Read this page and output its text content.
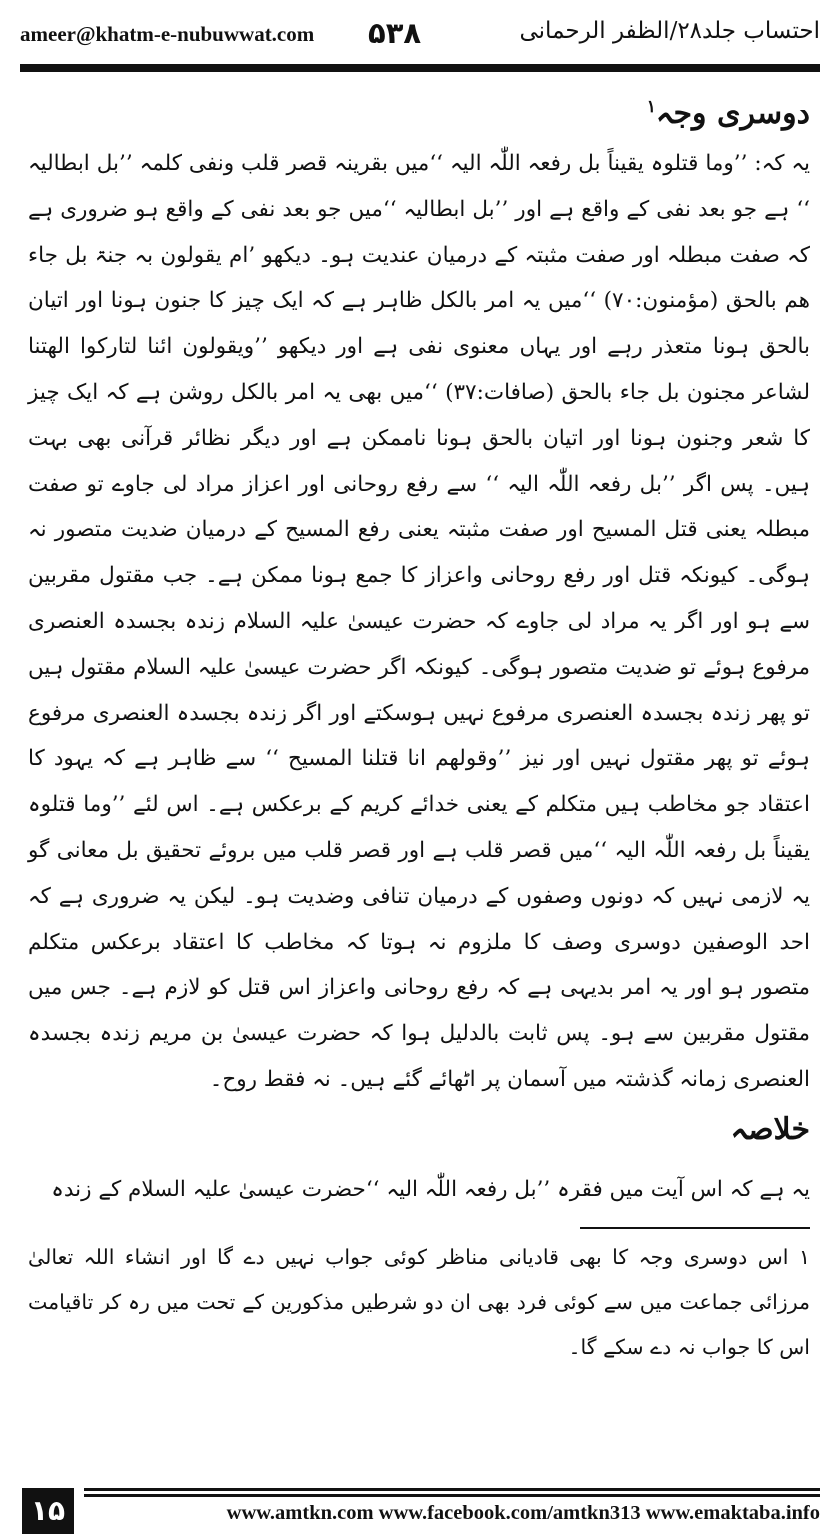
ameer@khatm-e-nubuwwat.com ۵۳۸	احتساب جلد۲۸/الظفر الرحمانی
دوسری وجہ$^۱$

یہ کہ: ’’وما قتلوہ یقیناً بل رفعہ اللّٰہ الیہ ‘‘میں بقرینہ قصر قلب ونفی کلمہ ’’بل ابطالیہ ‘‘ ہے جو بعد نفی کے واقع ہے اور ’’بل ابطالیہ ‘‘میں جو بعد نفی کے واقع ہو ضروری ہے کہ صفت مبطلہ اور صفت مثبتہ کے درمیان عندیت ہو۔ دیکھو ’ام یقولون بہ جنۃ بل جاء ھم بالحق (مؤمنون:۷۰) ‘‘میں یہ امر بالکل ظاہر ہے کہ ایک چیز کا جنون ہونا اور اتیان بالحق ہونا متعذر رہے اور یہاں معنوی نفی ہے اور دیکھو ’’ویقولون ائنا لتارکوا الھتنا لشاعر مجنون بل جاء بالحق (صافات:۳۷) ‘‘میں بھی یہ امر بالکل روشن ہے کہ ایک چیز کا شعر وجنون ہونا اور اتیان بالحق ہونا ناممکن ہے اور دیگر نظائر قرآنی بھی بہت ہیں۔ پس اگر ’’بل رفعہ اللّٰہ الیہ ‘‘ سے رفع روحانی اور اعزاز مراد لی جاوے تو صفت مبطلہ یعنی قتل المسیح اور صفت مثبتہ یعنی رفع المسیح کے درمیان ضدیت متصور نہ ہوگی۔ کیونکہ قتل اور رفع روحانی واعزاز کا جمع ہونا ممکن ہے۔ جب مقتول مقربین سے ہو اور اگر یہ مراد لی جاوے کہ حضرت عیسیٰ علیہ السلام زندہ بجسدہ العنصری مرفوع ہوئے تو ضدیت متصور ہوگی۔ کیونکہ اگر حضرت عیسیٰ علیہ السلام مقتول ہیں تو پھر زندہ بجسدہ العنصری مرفوع نہیں ہوسکتے اور اگر زندہ بجسدہ العنصری مرفوع ہوئے تو پھر مقتول نہیں اور نیز ’’وقولھم انا قتلنا المسیح ‘‘ سے ظاہر ہے کہ یہود کا اعتقاد جو مخاطب ہیں متکلم کے یعنی خدائے کریم کے برعکس ہے۔ اس لئے ’’وما قتلوہ یقیناً بل رفعہ اللّٰہ الیہ ‘‘میں قصر قلب ہے اور قصر قلب میں بروئے تحقیق بل معانی گو یہ لازمی نہیں کہ دونوں وصفوں کے درمیان تنافی وضدیت ہو۔ لیکن یہ ضروری ہے کہ احد الوصفین دوسری وصف کا ملزوم نہ ہوتا کہ مخاطب کا اعتقاد برعکس متکلم متصور ہو اور یہ امر بدیہی ہے کہ رفع روحانی واعزاز اس قتل کو لازم ہے۔ جس میں مقتول مقربین سے ہو۔ پس ثابت بالدلیل ہوا کہ حضرت عیسیٰ بن مریم زندہ بجسدہ العنصری زمانہ گذشتہ میں آسمان پر اٹھائے گئے ہیں۔ نہ فقط روح۔

خلاصہ

یہ ہے کہ اس آیت میں فقرہ ’’بل رفعہ اللّٰہ الیہ ‘‘حضرت عیسیٰ علیہ السلام کے زندہ

۱ اس دوسری وجہ کا بھی قادیانی مناظر کوئی جواب نہیں دے گا اور انشاء اللہ تعالیٰ مرزائی جماعت میں سے کوئی فرد بھی ان دو شرطیں مذکورین کے تحت میں رہ کر تاقیامت اس کا جواب نہ دے سکے گا۔

۱۵	www.amtkn.com www.facebook.com/amtkn313 www.emaktaba.info
